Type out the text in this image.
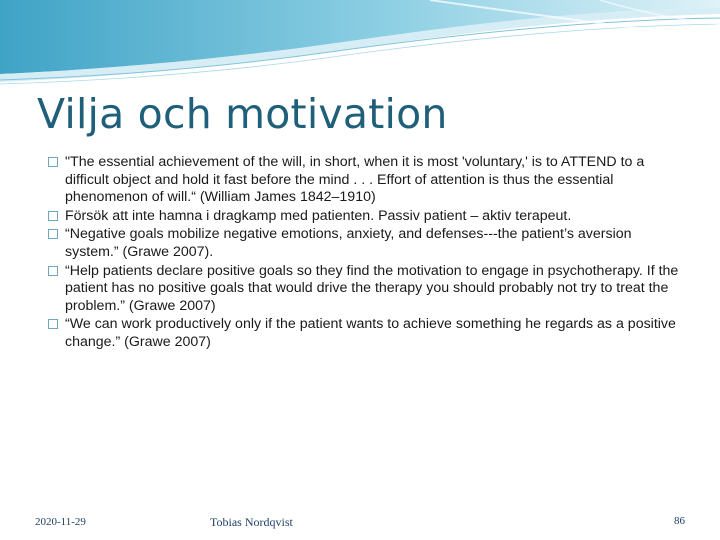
Vilja och motivation
"The essential achievement of the will, in short, when it is most 'voluntary,' is to ATTEND to a difficult object and hold it fast before the mind . . . Effort of attention is thus the essential phenomenon of will.“ (William James 1842–1910)
Försök att inte hamna i dragkamp med patienten. Passiv patient – aktiv terapeut.
“Negative goals mobilize negative emotions, anxiety, and defenses---the patient’s aversion system.” (Grawe 2007).
“Help patients declare positive goals so they find the motivation to engage in psychotherapy. If the patient has no positive goals that would drive the therapy you should probably not try to treat the problem.” (Grawe 2007)
“We can work productively only if the patient wants to achieve something he regards as a positive change.” (Grawe 2007)
2020-11-29	Tobias Nordqvist	86
